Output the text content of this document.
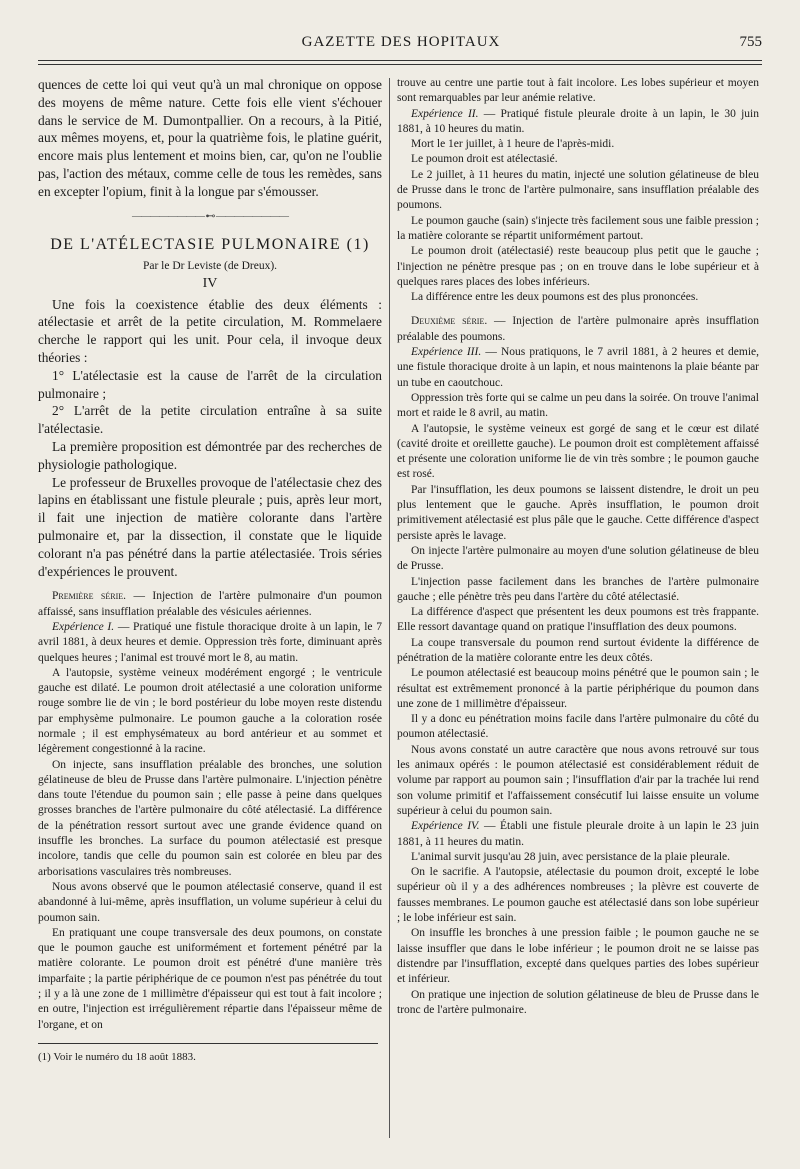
GAZETTE DES HOPITAUX	755

quences de cette loi qui veut qu'à un mal chronique on oppose des moyens de même nature. Cette fois elle vient s'échouer dans le service de M. Dumontpallier. On a recours, à la Pitié, aux mêmes moyens, et, pour la quatrième fois, le platine guérit, encore mais plus lentement et moins bien, car, qu'on ne l'oublie pas, l'action des métaux, comme celle de tous les remèdes, sans en excepter l'opium, finit à la longue par s'émousser.

———————— ⊷ ————————
DE L'ATÉLECTASIE PULMONAIRE (1)
Par le Dr Leviste (de Dreux).
IV

Une fois la coexistence établie des deux éléments : atélectasie et arrêt de la petite circulation, M. Rommelaere cherche le rapport qui les unit. Pour cela, il invoque deux théories :

1° L'atélectasie est la cause de l'arrêt de la circulation pulmonaire ;

2° L'arrêt de la petite circulation entraîne à sa suite l'atélectasie.

La première proposition est démontrée par des recherches de physiologie pathologique.

Le professeur de Bruxelles provoque de l'atélectasie chez des lapins en établissant une fistule pleurale ; puis, après leur mort, il fait une injection de matière colorante dans l'artère pulmonaire et, par la dissection, il constate que le liquide colorant n'a pas pénétré dans la partie atélectasiée. Trois séries d'expériences le prouvent.

Première série. — Injection de l'artère pulmonaire d'un poumon affaissé, sans insufflation préalable des vésicules aériennes.

Expérience I. — Pratiqué une fistule thoracique droite à un lapin, le 7 avril 1881, à deux heures et demie. Oppression très forte, diminuant après quelques heures ; l'animal est trouvé mort le 8, au matin.

A l'autopsie, système veineux modérément engorgé ; le ventricule gauche est dilaté. Le poumon droit atélectasié a une coloration uniforme rouge sombre lie de vin ; le bord postérieur du lobe moyen reste distendu par emphysème pulmonaire. Le poumon gauche a la coloration rosée normale ; il est emphysémateux au bord antérieur et au sommet et légèrement congestionné à la racine.

On injecte, sans insufflation préalable des bronches, une solution gélatineuse de bleu de Prusse dans l'artère pulmonaire. L'injection pénètre dans toute l'étendue du poumon sain ; elle passe à peine dans quelques grosses branches de l'artère pulmonaire du côté atélectasié. La différence de la pénétration ressort surtout avec une grande évidence quand on insuffle les bronches. La surface du poumon atélectasié est presque incolore, tandis que celle du poumon sain est colorée en bleu par des arborisations vasculaires très nombreuses.

Nous avons observé que le poumon atélectasié conserve, quand il est abandonné à lui-même, après insufflation, un volume supérieur à celui du poumon sain.

En pratiquant une coupe transversale des deux poumons, on constate que le poumon gauche est uniformément et fortement pénétré par la matière colorante. Le poumon droit est pénétré d'une manière très imparfaite ; la partie périphérique de ce poumon n'est pas pénétrée du tout ; il y a là une zone de 1 millimètre d'épaisseur qui est tout à fait incolore ; en outre, l'injection est irrégulièrement répartie dans l'épaisseur même de l'organe, et on

(1) Voir le numéro du 18 août 1883.

trouve au centre une partie tout à fait incolore. Les lobes supérieur et moyen sont remarquables par leur anémie relative.

Expérience II. — Pratiqué fistule pleurale droite à un lapin, le 30 juin 1881, à 10 heures du matin.

Mort le 1er juillet, à 1 heure de l'après-midi.

Le poumon droit est atélectasié.

Le 2 juillet, à 11 heures du matin, injecté une solution gélatineuse de bleu de Prusse dans le tronc de l'artère pulmonaire, sans insufflation préalable des poumons.

Le poumon gauche (sain) s'injecte très facilement sous une faible pression ; la matière colorante se répartit uniformément partout.

Le poumon droit (atélectasié) reste beaucoup plus petit que le gauche ; l'injection ne pénètre presque pas ; on en trouve dans le lobe supérieur et à quelques rares places des lobes inférieurs.

La différence entre les deux poumons est des plus prononcées.

Deuxième série. — Injection de l'artère pulmonaire après insufflation préalable des poumons.

Expérience III. — Nous pratiquons, le 7 avril 1881, à 2 heures et demie, une fistule thoracique droite à un lapin, et nous maintenons la plaie béante par un tube en caoutchouc.

Oppression très forte qui se calme un peu dans la soirée. On trouve l'animal mort et raide le 8 avril, au matin.

A l'autopsie, le système veineux est gorgé de sang et le cœur est dilaté (cavité droite et oreillette gauche). Le poumon droit est complètement affaissé et présente une coloration uniforme lie de vin très sombre ; le poumon gauche est rosé.

Par l'insufflation, les deux poumons se laissent distendre, le droit un peu plus lentement que le gauche. Après insufflation, le poumon droit primitivement atélectasié est plus pâle que le gauche. Cette différence d'aspect persiste après le lavage.

On injecte l'artère pulmonaire au moyen d'une solution gélatineuse de bleu de Prusse.

L'injection passe facilement dans les branches de l'artère pulmonaire gauche ; elle pénètre très peu dans l'artère du côté atélectasié.

La différence d'aspect que présentent les deux poumons est très frappante. Elle ressort davantage quand on pratique l'insufflation des deux poumons.

La coupe transversale du poumon rend surtout évidente la différence de pénétration de la matière colorante entre les deux côtés.

Le poumon atélectasié est beaucoup moins pénétré que le poumon sain ; le résultat est extrêmement prononcé à la partie périphérique du poumon dans une zone de 1 millimètre d'épaisseur.

Il y a donc eu pénétration moins facile dans l'artère pulmonaire du côté du poumon atélectasié.

Nous avons constaté un autre caractère que nous avons retrouvé sur tous les animaux opérés : le poumon atélectasié est considérablement réduit de volume par rapport au poumon sain ; l'insufflation d'air par la trachée lui rend son volume primitif et l'affaissement consécutif lui laisse ensuite un volume supérieur à celui du poumon sain.

Expérience IV. — Établi une fistule pleurale droite à un lapin le 23 juin 1881, à 11 heures du matin.

L'animal survit jusqu'au 28 juin, avec persistance de la plaie pleurale.

On le sacrifie. A l'autopsie, atélectasie du poumon droit, excepté le lobe supérieur où il y a des adhérences nombreuses ; la plèvre est couverte de fausses membranes. Le poumon gauche est atélectasié dans son lobe supérieur ; le lobe inférieur est sain.

On insuffle les bronches à une pression faible ; le poumon gauche ne se laisse insuffler que dans le lobe inférieur ; le poumon droit ne se laisse pas distendre par l'insufflation, excepté dans quelques parties des lobes supérieur et inférieur.

On pratique une injection de solution gélatineuse de bleu de Prusse dans le tronc de l'artère pulmonaire.
